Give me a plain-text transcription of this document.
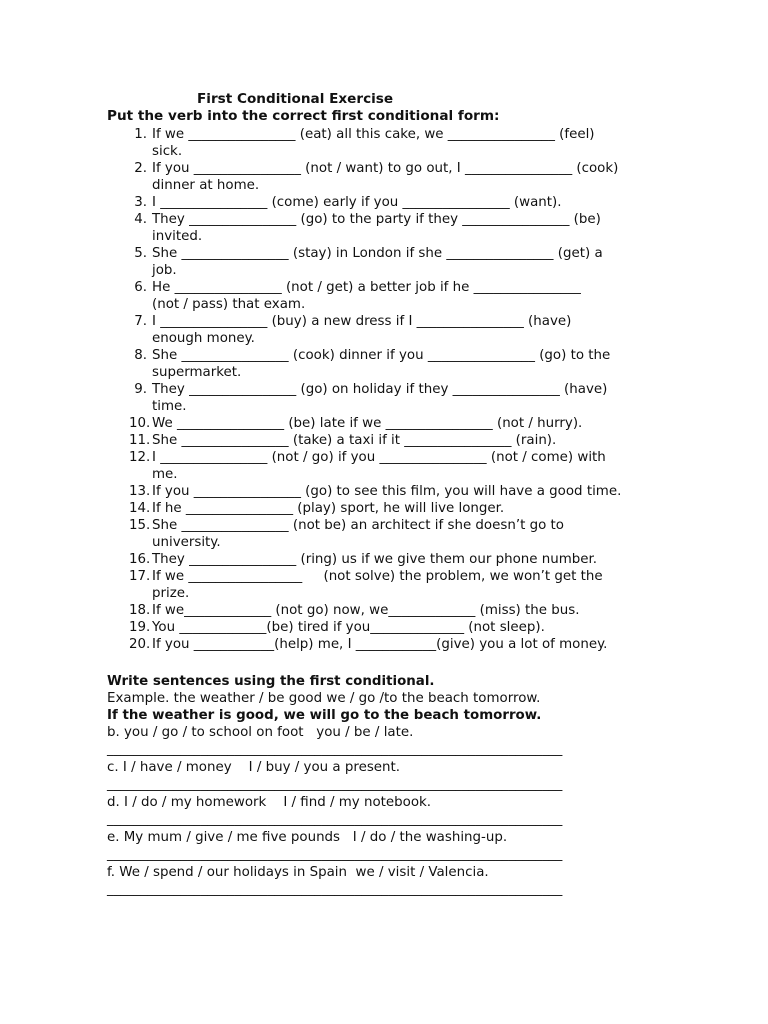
First Conditional Exercise
Put the verb into the correct first conditional form:
1. If we ________________ (eat) all this cake, we ________________ (feel)
sick.
2. If you ________________ (not / want) to go out, I ________________ (cook)
dinner at home.
3. I ________________ (come) early if you ________________ (want).
4. They ________________ (go) to the party if they ________________ (be)
invited.
5. She ________________ (stay) in London if she ________________ (get) a
job.
6. He ________________ (not / get) a better job if he ________________
(not / pass) that exam.
7. I ________________ (buy) a new dress if I ________________ (have)
enough money.
8. She ________________ (cook) dinner if you ________________ (go) to the
supermarket.
9. They ________________ (go) on holiday if they ________________ (have)
time.
10. We ________________ (be) late if we ________________ (not / hurry).
11. She ________________ (take) a taxi if it ________________ (rain).
12. I ________________ (not / go) if you ________________ (not / come) with
me.
13. If you ________________ (go) to see this film, you will have a good time.
14. If he ________________ (play) sport, he will live longer.
15. She ________________ (not be) an architect if she doesn’t go to
university.
16. They ________________ (ring) us if we give them our phone number.
17. If we _________________     (not solve) the problem, we won’t get the
prize.
18. If we_____________ (not go) now, we_____________ (miss) the bus.
19. You _____________(be) tired if you______________ (not sleep).
20. If you ____________(help) me, I ____________(give) you a lot of money.
Write sentences using the first conditional.
Example. the weather / be good we / go /to the beach tomorrow.
If the weather is good, we will go to the beach tomorrow.
b. you / go / to school on foot   you / be / late.
____________________________________________________________________
c. I / have / money    I / buy / you a present.
____________________________________________________________________
d. I / do / my homework    I / find / my notebook.
____________________________________________________________________
e. My mum / give / me five pounds   I / do / the washing-up.
____________________________________________________________________
f. We / spend / our holidays in Spain  we / visit / Valencia.
____________________________________________________________________
